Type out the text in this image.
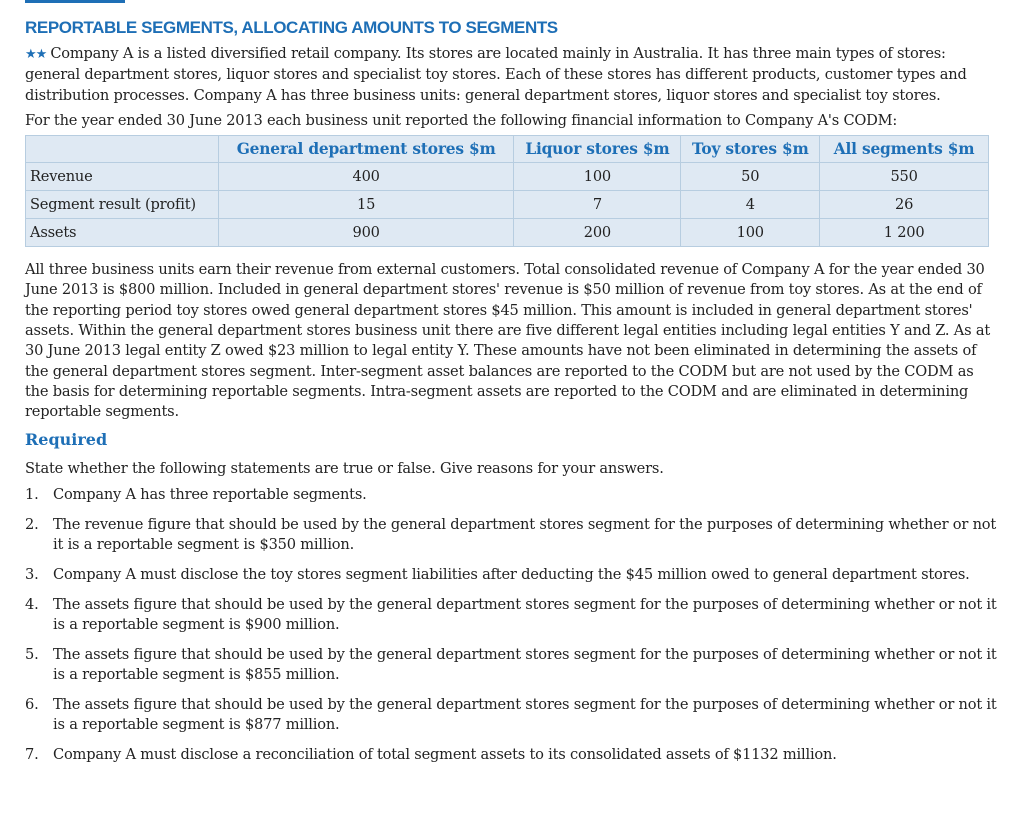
REPORTABLE SEGMENTS, ALLOCATING AMOUNTS TO SEGMENTS

★★ Company A is a listed diversified retail company. Its stores are located mainly in Australia. It has three main types of stores: general department stores, liquor stores and specialist toy stores. Each of these stores has different products, customer types and distribution processes. Company A has three business units: general department stores, liquor stores and specialist toy stores.

For the year ended 30 June 2013 each business unit reported the following financial information to Company A's CODM:

	General department stores $m	Liquor stores $m	Toy stores $m	All segments $m
Revenue	400	100	50	550
Segment result (profit)	15	7	4	26
Assets	900	200	100	1 200

All three business units earn their revenue from external customers. Total consolidated revenue of Company A for the year ended 30 June 2013 is $800 million. Included in general department stores' revenue is $50 million of revenue from toy stores. As at the end of the reporting period toy stores owed general department stores $45 million. This amount is included in general department stores' assets. Within the general department stores business unit there are five different legal entities including legal entities Y and Z. As at 30 June 2013 legal entity Z owed $23 million to legal entity Y. These amounts have not been eliminated in determining the assets of the general department stores segment. Inter-segment asset balances are reported to the CODM but are not used by the CODM as the basis for determining reportable segments. Intra-segment assets are reported to the CODM and are eliminated in determining reportable segments.

Required

State whether the following statements are true or false. Give reasons for your answers.

1. Company A has three reportable segments.
2. The revenue figure that should be used by the general department stores segment for the purposes of determining whether or not it is a reportable segment is $350 million.
3. Company A must disclose the toy stores segment liabilities after deducting the $45 million owed to general department stores.
4. The assets figure that should be used by the general department stores segment for the purposes of determining whether or not it is a reportable segment is $900 million.
5. The assets figure that should be used by the general department stores segment for the purposes of determining whether or not it is a reportable segment is $855 million.
6. The assets figure that should be used by the general department stores segment for the purposes of determining whether or not it is a reportable segment is $877 million.
7. Company A must disclose a reconciliation of total segment assets to its consolidated assets of $1132 million.
